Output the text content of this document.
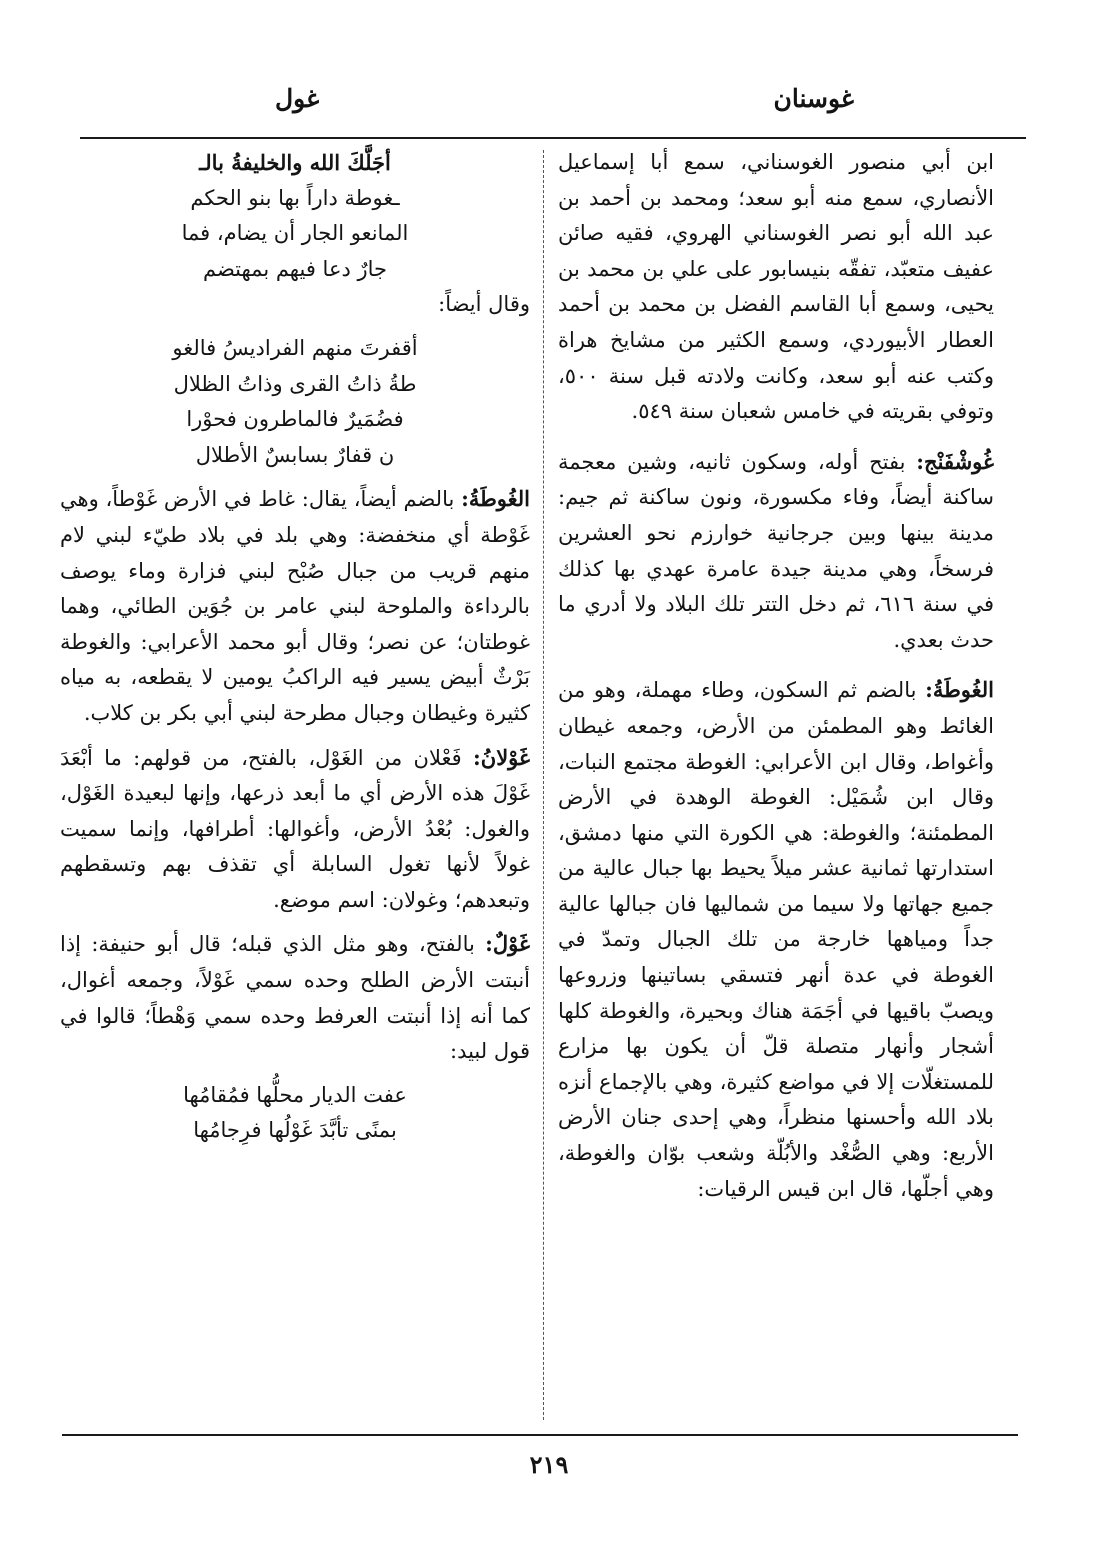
غوسنان
غول

ابن أبي منصور الغوسناني، سمع أبا إسماعيل الأنصاري، سمع منه أبو سعد؛ ومحمد بن أحمد بن عبد الله أبو نصر الغوسناني الهروي، فقيه صائن عفيف متعبّد، تفقّه بنيسابور على علي بن محمد بن يحيى، وسمع أبا القاسم الفضل بن محمد بن أحمد العطار الأبيوردي، وسمع الكثير من مشايخ هراة وكتب عنه أبو سعد، وكانت ولادته قبل سنة ٥٠٠، وتوفي بقريته في خامس شعبان سنة ٥٤٩.

غُوشْفَنْج: بفتح أوله، وسكون ثانيه، وشين معجمة ساكنة أيضاً، وفاء مكسورة، ونون ساكنة ثم جيم: مدينة بينها وبين جرجانية خوارزم نحو العشرين فرسخاً، وهي مدينة جيدة عامرة عهدي بها كذلك في سنة ٦١٦، ثم دخل التتر تلك البلاد ولا أدري ما حدث بعدي.

الغُوطَةُ: بالضم ثم السكون، وطاء مهملة، وهو من الغائط وهو المطمئن من الأرض، وجمعه غيطان وأغواط، وقال ابن الأعرابي: الغوطة مجتمع النبات، وقال ابن شُمَيْل: الغوطة الوهدة في الأرض المطمئنة؛ والغوطة: هي الكورة التي منها دمشق، استدارتها ثمانية عشر ميلاً يحيط بها جبال عالية من جميع جهاتها ولا سيما من شماليها فان جبالها عالية جداً ومياهها خارجة من تلك الجبال وتمدّ في الغوطة في عدة أنهر فتسقي بساتينها وزروعها ويصبّ باقيها في أجَمَة هناك وبحيرة، والغوطة كلها أشجار وأنهار متصلة قلّ أن يكون بها مزارع للمستغلّات إلا في مواضع كثيرة، وهي بالإجماع أنزه بلاد الله وأحسنها منظراً، وهي إحدى جنان الأرض الأربع: وهي الصُّغْد والأبُلّة وشعب بوّان والغوطة، وهي أجلّها، قال ابن قيس الرقيات:

أجَلَّكَ الله والخليفةُ بالـ

ـغوطة داراً بها بنو الحكم

المانعو الجار أن يضام، فما

جارٌ دعا فيهم بمهتضم

وقال أيضاً:

أقفرتَ منهم الفراديسُ فالغو

طةُ ذاتُ القرى وذاتُ الظلال

فضُمَيرٌ فالماطرون فحوْرا

ن قفارٌ بسابسٌ الأطلال

الغُوطَةُ: بالضم أيضاً، يقال: غاط في الأرض غَوْطاً، وهي غَوْطة أي منخفضة: وهي بلد في بلاد طيّء لبني لام منهم قريب من جبال صُبْح لبني فزارة وماء يوصف بالرداءة والملوحة لبني عامر بن جُوَين الطائي، وهما غوطتان؛ عن نصر؛ وقال أبو محمد الأعرابي: والغوطة بَرْثٌ أبيض يسير فيه الراكبُ يومين لا يقطعه، به مياه كثيرة وغيطان وجبال مطرحة لبني أبي بكر بن كلاب.

غَوْلانُ: فَعْلان من الغَوْل، بالفتح، من قولهم: ما أبْعَدَ غَوْلَ هذه الأرض أي ما أبعد ذرعها، وإنها لبعيدة الغَوْل، والغول: بُعْدُ الأرض، وأغوالها: أطرافها، وإنما سميت غولاً لأنها تغول السابلة أي تقذف بهم وتسقطهم وتبعدهم؛ وغولان: اسم موضع.

غَوْلٌ: بالفتح، وهو مثل الذي قبله؛ قال أبو حنيفة: إذا أنبتت الأرض الطلح وحده سمي غَوْلاً، وجمعه أغوال، كما أنه إذا أنبتت العرفط وحده سمي وَهْطاً؛ قالوا في قول لبيد:

عفت الديار محلُّها فمُقامُها

بمنًى تأبَّدَ غَوْلُها فرِجامُها

٢١٩
